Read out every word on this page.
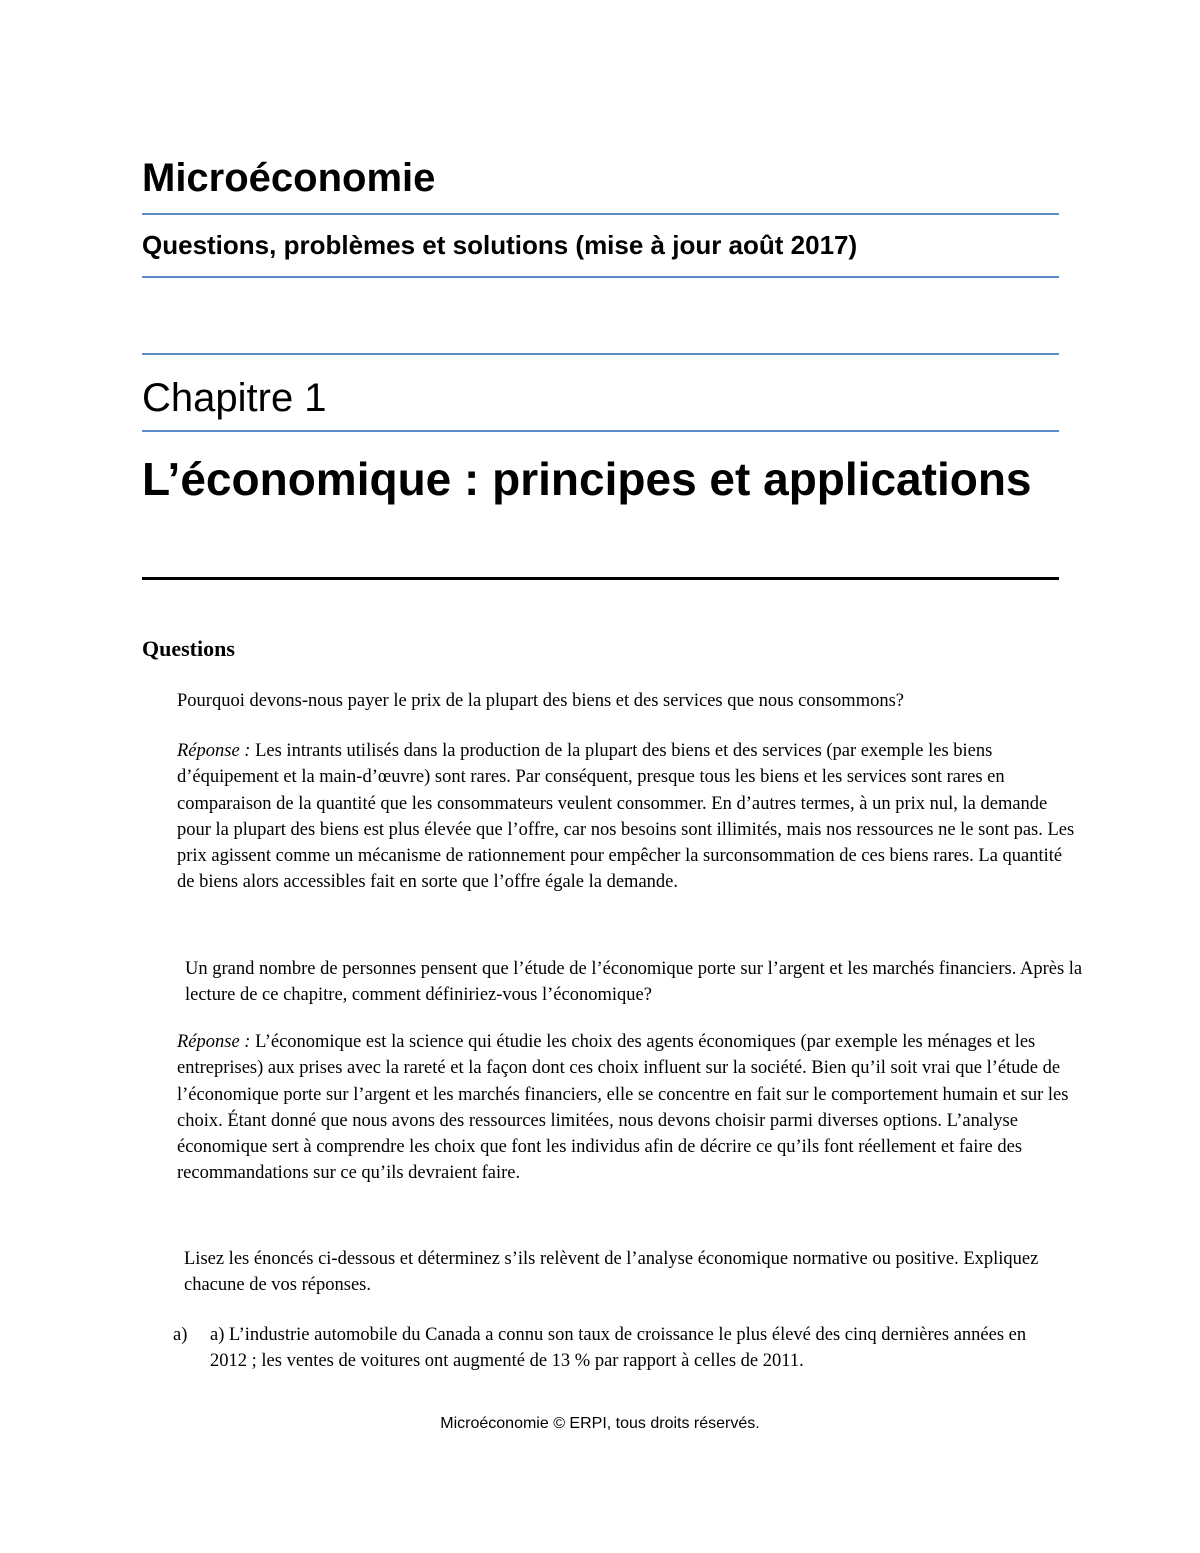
Microéconomie
Questions, problèmes et solutions (mise à jour août 2017)
Chapitre 1
L’économique : principes et applications
Questions
Pourquoi devons-nous payer le prix de la plupart des biens et des services que nous consommons?
Réponse : Les intrants utilisés dans la production de la plupart des biens et des services (par exemple les biens d’équipement et la main-d’œuvre) sont rares. Par conséquent, presque tous les biens et les services sont rares en comparaison de la quantité que les consommateurs veulent consommer. En d’autres termes, à un prix nul, la demande pour la plupart des biens est plus élevée que l’offre, car nos besoins sont illimités, mais nos ressources ne le sont pas. Les prix agissent comme un mécanisme de rationnement pour empêcher la surconsommation de ces biens rares. La quantité de biens alors accessibles fait en sorte que l’offre égale la demande.
Un grand nombre de personnes pensent que l’étude de l’économique porte sur l’argent et les marchés financiers. Après la lecture de ce chapitre, comment définiriez-vous l’économique?
Réponse : L’économique est la science qui étudie les choix des agents économiques (par exemple les ménages et les entreprises) aux prises avec la rareté et la façon dont ces choix influent sur la société. Bien qu’il soit vrai que l’étude de l’économique porte sur l’argent et les marchés financiers, elle se concentre en fait sur le comportement humain et sur les choix. Étant donné que nous avons des ressources limitées, nous devons choisir parmi diverses options. L’analyse économique sert à comprendre les choix que font les individus afin de décrire ce qu’ils font réellement et faire des recommandations sur ce qu’ils devraient faire.
Lisez les énoncés ci-dessous et déterminez s’ils relèvent de l’analyse économique normative ou positive. Expliquez chacune de vos réponses.
a) a) L’industrie automobile du Canada a connu son taux de croissance le plus élevé des cinq dernières années en 2012 ; les ventes de voitures ont augmenté de 13 % par rapport à celles de 2011.
Microéconomie © ERPI, tous droits réservés.
